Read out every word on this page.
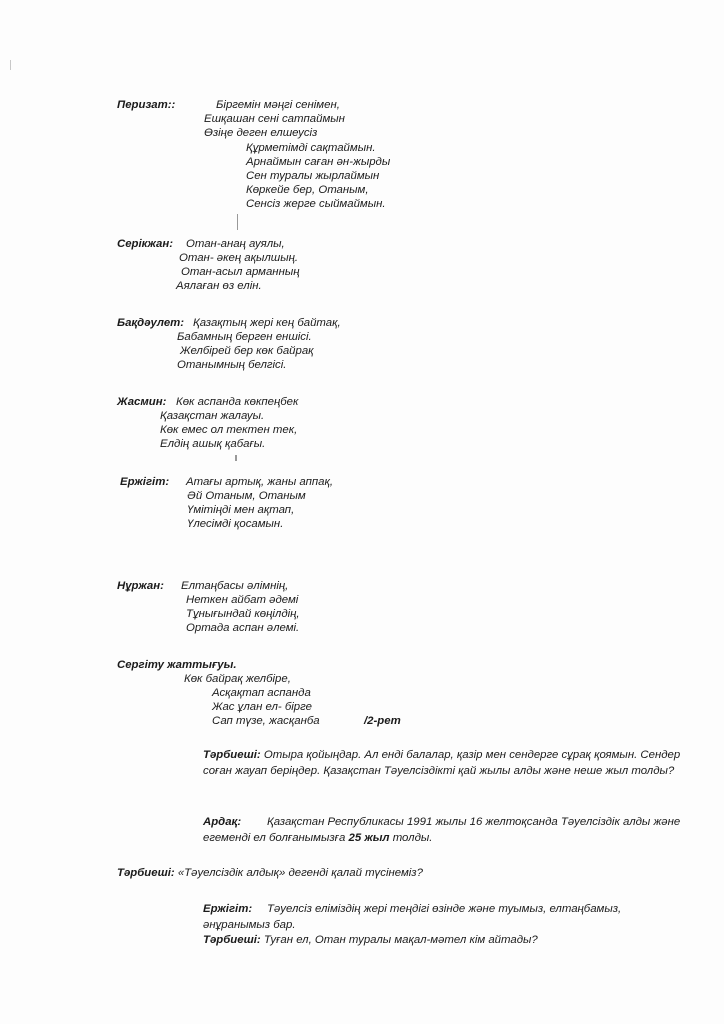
Перизат::	Біргемін мәңгі сенімен,
Ешқашан сені сатпаймын
Өзіңе деген елшеусіз
Құрметімді сақтаймын.
Арнаймын саған ән-жырды
Сен туралы жырлаймын
Көркейе бер, Отаным,
Сенсіз жерге сыймаймын.
Серікжан: Отан-анаң ауялы,
Отан- әкең ақылшың.
Отан-асыл арманның
Аялаған өз елін.
Бақдәулет: Қазақтың жері кең байтақ,
Бабамның берген еншісі.
Желбірей бер көк байрақ
Отанымның белгісі.
Жасмин: Көк аспанда көкпеңбек
Қазақстан жалауы.
Көк емес ол тектен тек,
Елдің ашық қабағы.
Ержігіт: Атағы артық, жаны аппақ,
Әй Отаным, Отаным
Үмітіңді мен ақтап,
Үлесімді қосамын.
Нұржан: Елтаңбасы әлімнің,
Неткен айбат әдемі
Тұнығындай көңілдің,
Ортада аспан әлемі.
Сергіту жаттығуы.
Көк байрақ желбіре,
Асқақтап аспанда
Жас ұлан ел- бірге
Сап түзе, жасқанба	/2-рет
Тәрбиеші: Отыра қойыңдар. Ал енді балалар, қазір мен сендерге сұрақ қоямын. Сендер соған жауап беріңдер. Қазақстан Тәуелсіздікті қай жылы алды және неше жыл толды?
Ардақ:	Қазақстан Республикасы 1991 жылы 16 желтоқсанда Тәуелсіздік алды және егеменді ел болғанымызға 25 жыл толды.
Тәрбиеші: «Тәуелсіздік алдық» дегенді қалай түсінеміз?
Ержігіт:	Тәуелсіз еліміздің жері теңдігі өзінде және туымыз, елтаңбамыз, әнұранымыз бар.
Тәрбиеші: Туған ел, Отан туралы мақал-мәтел кім айтады?
